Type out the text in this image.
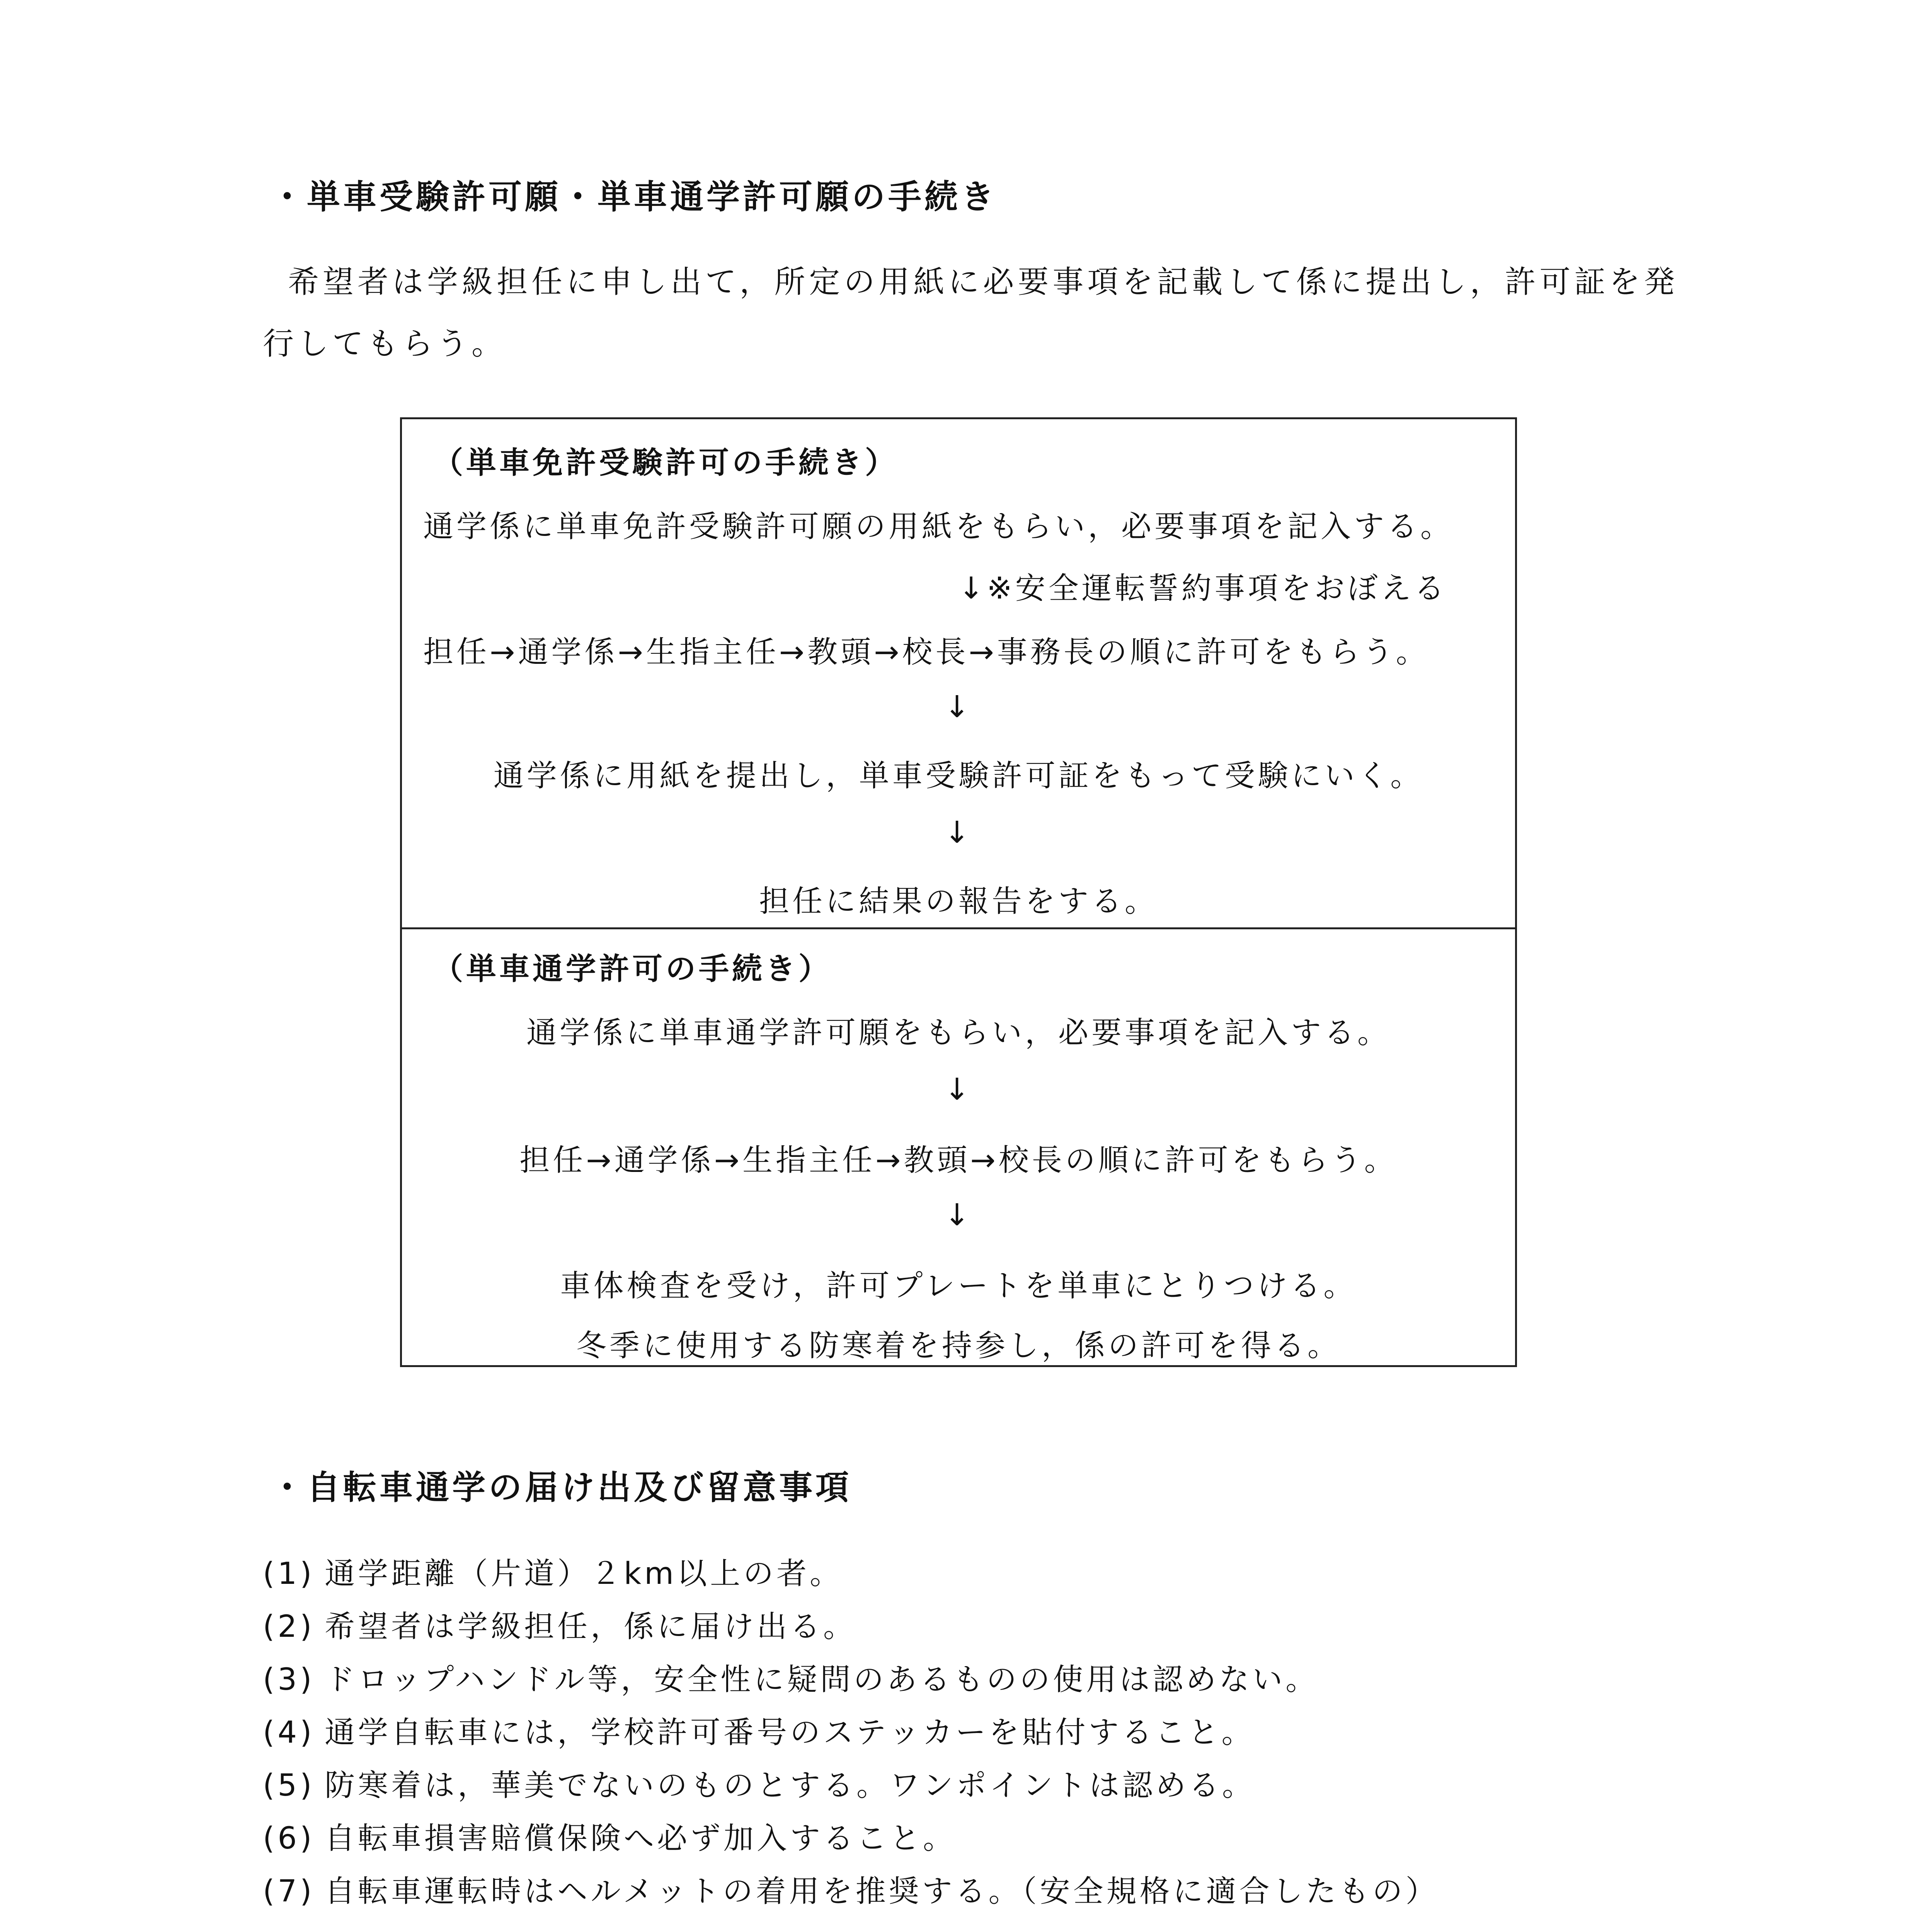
・単車受験許可願・単車通学許可願の手続き
希望者は学級担任に申し出て，所定の用紙に必要事項を記載して係に提出し，許可証を発
行してもらう。
（単車免許受験許可の手続き）
通学係に単車免許受験許可願の用紙をもらい，必要事項を記入する。
↓※安全運転誓約事項をおぼえる
担任→通学係→生指主任→教頭→校長→事務長の順に許可をもらう。
↓
通学係に用紙を提出し，単車受験許可証をもって受験にいく。
↓
担任に結果の報告をする。
（単車通学許可の手続き）
通学係に単車通学許可願をもらい，必要事項を記入する。
↓
担任→通学係→生指主任→教頭→校長の順に許可をもらう。
↓
車体検査を受け，許可プレートを単車にとりつける。
冬季に使用する防寒着を持参し，係の許可を得る。
・自転車通学の届け出及び留意事項
(1) 通学距離（片道）２km以上の者。
(2) 希望者は学級担任，係に届け出る。
(3) ドロップハンドル等，安全性に疑問のあるものの使用は認めない。
(4) 通学自転車には，学校許可番号のステッカーを貼付すること。
(5) 防寒着は，華美でないのものとする。ワンポイントは認める。
(6) 自転車損害賠償保険へ必ず加入すること。
(7) 自転車運転時はヘルメットの着用を推奨する。（安全規格に適合したもの）
